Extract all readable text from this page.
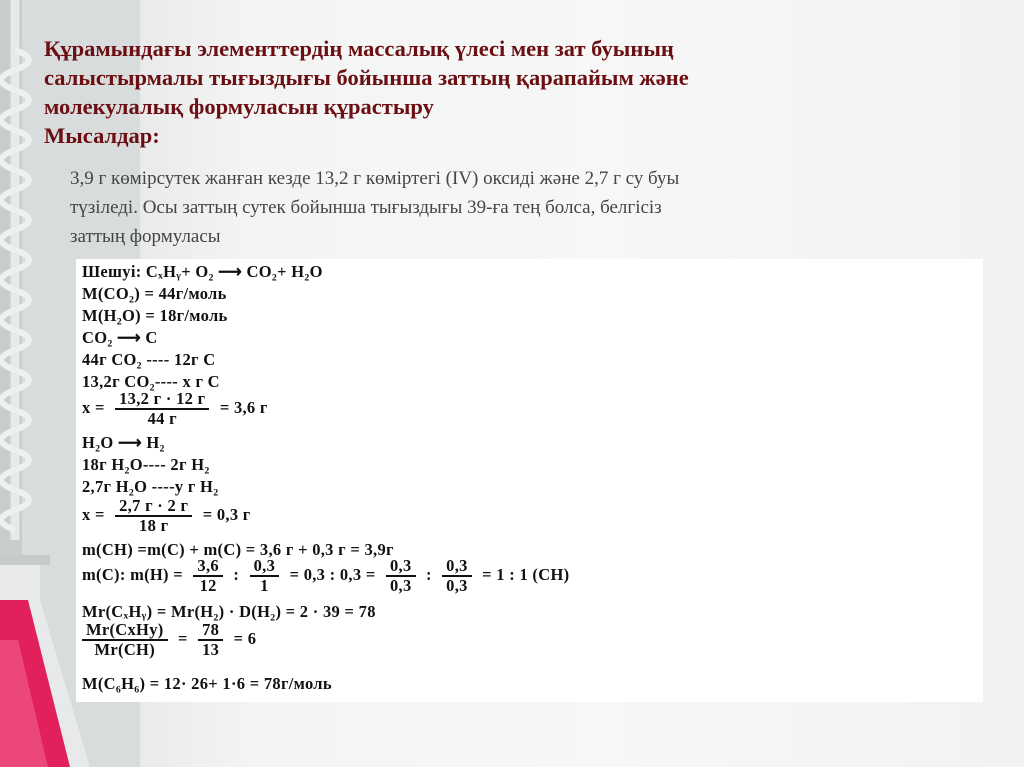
Құрамындағы элементтердің массалық үлесі мен зат буының
салыстырмалы тығыздығы бойынша заттың қарапайым және
молекулалық формуласын құрастыру
Мысалдар:
3,9 г көмірсутек жанған кезде 13,2 г көміртегі (IV) оксиді және 2,7 г су буы
түзіледі. Осы заттың сутек бойынша тығыздығы 39-ға тең болса, белгісіз
заттың формуласы
Шешуі: CₓHᵧ+ O₂ ⟶ CO₂+ H₂O
M(CO₂) = 44г/моль
M(H₂O) = 18г/моль
CO₂ ⟶ C
44г CO₂ ---- 12г C
13,2г CO₂---- x г C
$x = \frac{13,2 г \cdot 12 г}{44 г} = 3,6$ г
H₂O ⟶ H₂
18г H₂O---- 2г H₂
2,7г H₂O ----y г H₂
$x = \frac{2,7 г \cdot 2 г}{18 г} = 0,3$ г
m(CH) =m(C) + m(C) = 3,6 г + 0,3 г = 3,9г
m(C): $m(H) = \frac{3,6}{12}$ : $\frac{0,3}{1} = 0,3$ : $0,3 = \frac{0,3}{0,3}$ : $\frac{0,3}{0,3} = 1$ : 1 (CH)
Mr(CₓHᵧ) = Mr(H₂) · D(H₂) = 2 · 39 = 78
$\frac{\text{Mr(CxHy)}}{Mr(CH)} = \frac{78}{13} = 6$
M(C₆H₆) = 12· 26+ 1·6 = 78г/моль
